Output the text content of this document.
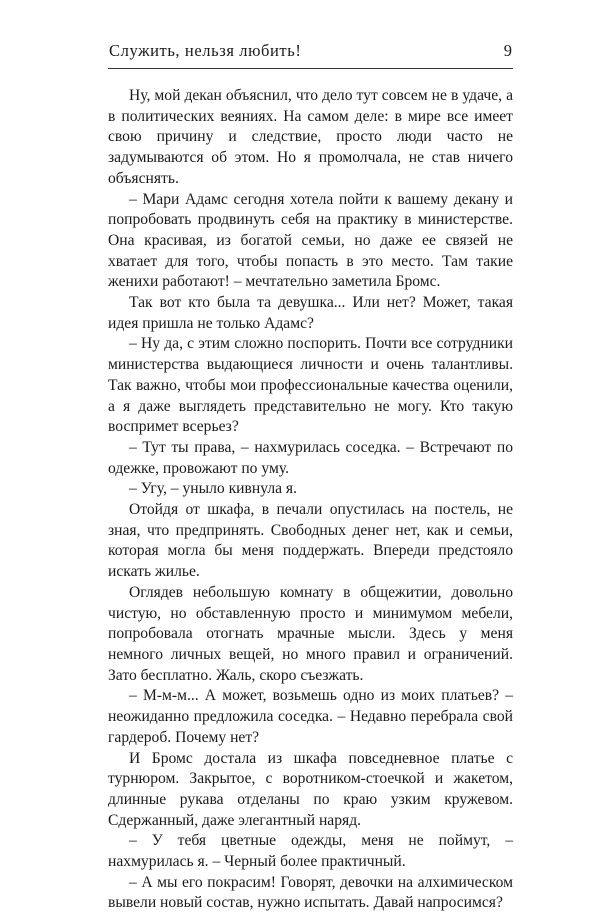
Служить, нельзя любить!	9

Ну, мой декан объяснил, что дело тут совсем не в удаче, а в политических веяниях. На самом деле: в мире все имеет свою причину и следствие, просто люди часто не задумываются об этом. Но я промолчала, не став ничего объяснять.

– Мари Адамс сегодня хотела пойти к вашему декану и попробовать продвинуть себя на практику в министерстве. Она красивая, из богатой семьи, но даже ее связей не хватает для того, чтобы попасть в это место. Там такие женихи работают! – мечтательно заметила Бромс.

Так вот кто была та девушка... Или нет? Может, такая идея пришла не только Адамс?

– Ну да, с этим сложно поспорить. Почти все сотрудники министерства выдающиеся личности и очень талантливы. Так важно, чтобы мои профессиональные качества оценили, а я даже выглядеть представительно не могу. Кто такую воспримет всерьез?

– Тут ты права, – нахмурилась соседка. – Встречают по одежке, провожают по уму.

– Угу, – уныло кивнула я.

Отойдя от шкафа, в печали опустилась на постель, не зная, что предпринять. Свободных денег нет, как и семьи, которая могла бы меня поддержать. Впереди предстояло искать жилье.

Оглядев небольшую комнату в общежитии, довольно чистую, но обставленную просто и минимумом мебели, попробовала отогнать мрачные мысли. Здесь у меня немного личных вещей, но много правил и ограничений. Зато бесплатно. Жаль, скоро съезжать.

– М-м-м... А может, возьмешь одно из моих платьев? – неожиданно предложила соседка. – Недавно перебрала свой гардероб. Почему нет?

И Бромс достала из шкафа повседневное платье с турнюром. Закрытое, с воротником-стоечкой и жакетом, длинные рукава отделаны по краю узким кружевом. Сдержанный, даже элегантный наряд.

– У тебя цветные одежды, меня не поймут, – нахмурилась я. – Черный более практичный.

– А мы его покрасим! Говорят, девочки на алхимическом вывели новый состав, нужно испытать. Давай напросимся?
